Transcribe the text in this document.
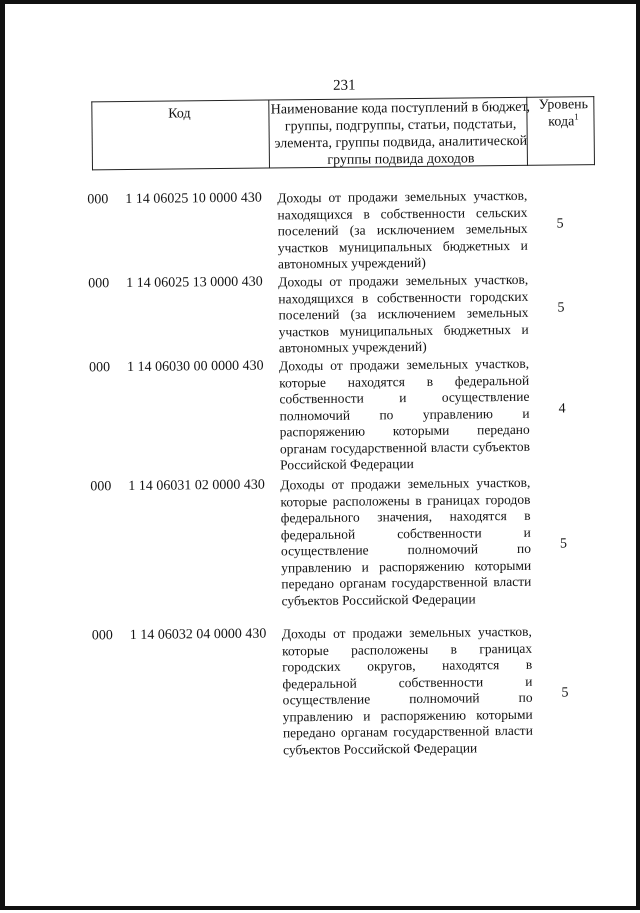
231
Код	Наименование кода поступлений в бюджет, группы, подгруппы, статьи, подстатьи, элемента, группы подвида, аналитической группы подвида доходов
Уровень кода$^1$
000 1 14 06025 10 0000 430 Доходы от продажи земельных участков, находящихся в собственности сельских поселений (за исключением земельных участков муниципальных бюджетных и автономных учреждений)
5
000 1 14 06025 13 0000 430 Доходы от продажи земельных участков, находящихся в собственности городских поселений (за исключением земельных участков муниципальных бюджетных и автономных учреждений)
5
000 1 14 06030 00 0000 430 Доходы от продажи земельных участков, которые находятся в федеральной собственности и осуществление полномочий по управлению и распоряжению которыми передано органам государственной власти субъектов Российской Федерации
4
000 1 14 06031 02 0000 430 Доходы от продажи земельных участков, которые расположены в границах городов федерального значения, находятся в федеральной собственности и осуществление полномочий по управлению и распоряжению которыми передано органам государственной власти субъектов Российской Федерации
5
000 1 14 06032 04 0000 430 Доходы от продажи земельных участков, которые расположены в границах городских округов, находятся в федеральной собственности и осуществление полномочий по управлению и распоряжению которыми передано органам государственной власти субъектов Российской Федерации
5
